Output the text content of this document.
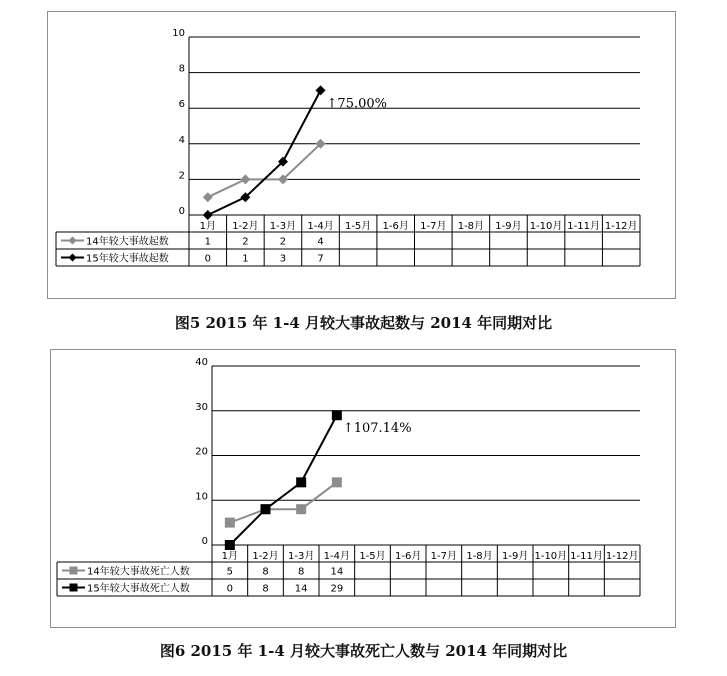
0
2
4
6
8
10
1月 1-2月 1-3月 1-4月 1-5月 1-6月 1-7月 1-8月 1-9月 1-10月 1-11月 1-12月
14年较大事故起数	1	2	2	4
15年较大事故起数	0	1	3	7
↑75.00%
0
10
20
30
40
1月 1-2月 1-3月 1-4月 1-5月 1-6月 1-7月 1-8月 1-9月 1-10月 1-11月 1-12月
14年较大事故死亡人数	5	8	8	14
15年较大事故死亡人数	0	8	14 29
↑107.14%
图5 2015 年 1-4 月较大事故起数与 2014 年同期对比
图6 2015 年 1-4 月较大事故死亡人数与 2014 年同期对比
